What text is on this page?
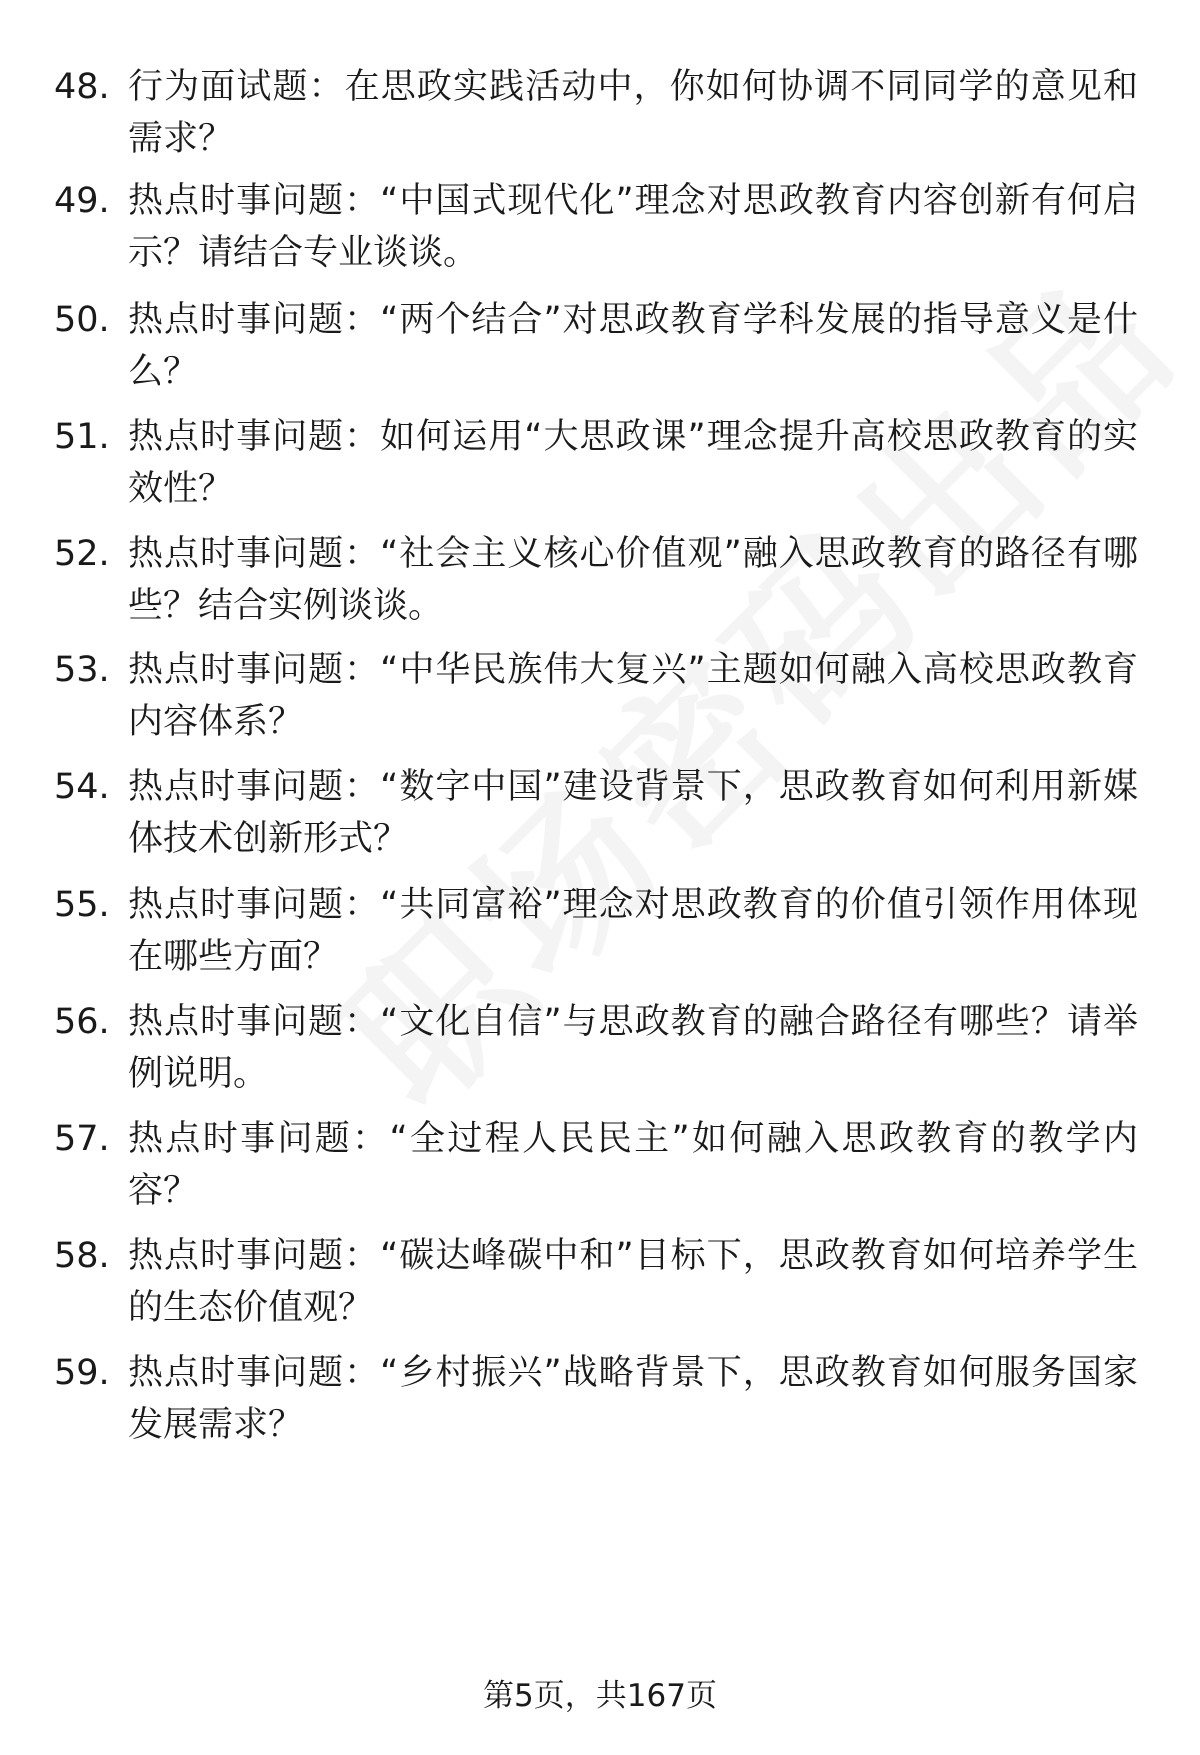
48. 行为面试题：在思政实践活动中，你如何协调不同同学的意见和需求？
49. 热点时事问题：“中国式现代化”理念对思政教育内容创新有何启示？请结合专业谈谈。
50. 热点时事问题：“两个结合”对思政教育学科发展的指导意义是什么？
51. 热点时事问题：如何运用“大思政课”理念提升高校思政教育的实效性？
52. 热点时事问题：“社会主义核心价值观”融入思政教育的路径有哪些？结合实例谈谈。
53. 热点时事问题：“中华民族伟大复兴”主题如何融入高校思政教育内容体系？
54. 热点时事问题：“数字中国”建设背景下，思政教育如何利用新媒体技术创新形式？
55. 热点时事问题：“共同富裕”理念对思政教育的价值引领作用体现在哪些方面？
56. 热点时事问题：“文化自信”与思政教育的融合路径有哪些？请举例说明。
57. 热点时事问题：“全过程人民民主”如何融入思政教育的教学内容？
58. 热点时事问题：“碳达峰碳中和”目标下，思政教育如何培养学生的生态价值观？
59. 热点时事问题：“乡村振兴”战略背景下，思政教育如何服务国家发展需求？
第5页，共167页
